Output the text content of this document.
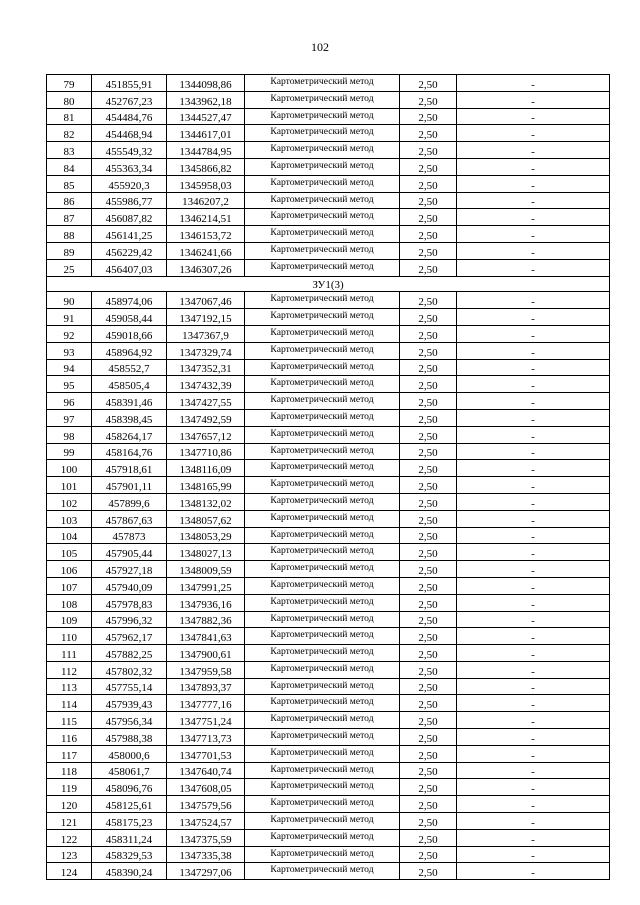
102
79	451855,91	1344098,86	Картометрический метод	2,50	-
80	452767,23	1343962,18	Картометрический метод	2,50	-
81	454484,76	1344527,47	Картометрический метод	2,50	-
82	454468,94	1344617,01	Картометрический метод	2,50	-
83	455549,32	1344784,95	Картометрический метод	2,50	-
84	455363,34	1345866,82	Картометрический метод	2,50	-
85	455920,3	1345958,03	Картометрический метод	2,50	-
86	455986,77	1346207,2	Картометрический метод	2,50	-
87	456087,82	1346214,51	Картометрический метод	2,50	-
88	456141,25	1346153,72	Картометрический метод	2,50	-
89	456229,42	1346241,66	Картометрический метод	2,50	-
25	456407,03	1346307,26	Картометрический метод	2,50	-
ЗУ1(3)					
90	458974,06	1347067,46	Картометрический метод	2,50	-
91	459058,44	1347192,15	Картометрический метод	2,50	-
92	459018,66	1347367,9	Картометрический метод	2,50	-
93	458964,92	1347329,74	Картометрический метод	2,50	-
94	458552,7	1347352,31	Картометрический метод	2,50	-
95	458505,4	1347432,39	Картометрический метод	2,50	-
96	458391,46	1347427,55	Картометрический метод	2,50	-
97	458398,45	1347492,59	Картометрический метод	2,50	-
98	458264,17	1347657,12	Картометрический метод	2,50	-
99	458164,76	1347710,86	Картометрический метод	2,50	-
100	457918,61	1348116,09	Картометрический метод	2,50	-
101	457901,11	1348165,99	Картометрический метод	2,50	-
102	457899,6	1348132,02	Картометрический метод	2,50	-
103	457867,63	1348057,62	Картометрический метод	2,50	-
104	457873	1348053,29	Картометрический метод	2,50	-
105	457905,44	1348027,13	Картометрический метод	2,50	-
106	457927,18	1348009,59	Картометрический метод	2,50	-
107	457940,09	1347991,25	Картометрический метод	2,50	-
108	457978,83	1347936,16	Картометрический метод	2,50	-
109	457996,32	1347882,36	Картометрический метод	2,50	-
110	457962,17	1347841,63	Картометрический метод	2,50	-
111	457882,25	1347900,61	Картометрический метод	2,50	-
112	457802,32	1347959,58	Картометрический метод	2,50	-
113	457755,14	1347893,37	Картометрический метод	2,50	-
114	457939,43	1347777,16	Картометрический метод	2,50	-
115	457956,34	1347751,24	Картометрический метод	2,50	-
116	457988,38	1347713,73	Картометрический метод	2,50	-
117	458000,6	1347701,53	Картометрический метод	2,50	-
118	458061,7	1347640,74	Картометрический метод	2,50	-
119	458096,76	1347608,05	Картометрический метод	2,50	-
120	458125,61	1347579,56	Картометрический метод	2,50	-
121	458175,23	1347524,57	Картометрический метод	2,50	-
122	458311,24	1347375,59	Картометрический метод	2,50	-
123	458329,53	1347335,38	Картометрический метод	2,50	-
124	458390,24	1347297,06	Картометрический метод	2,50	-
